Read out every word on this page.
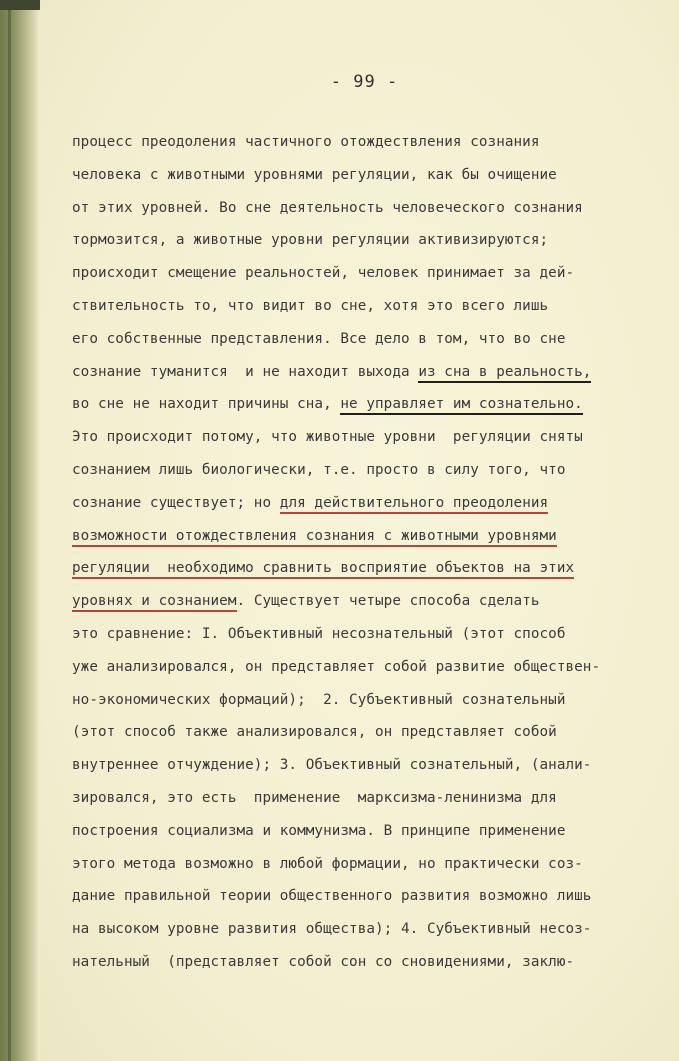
- 99 -
процесс преодоления частичного отождествления сознания
человека с животными уровнями регуляции, как бы очищение
от этих уровней. Во сне деятельность человеческого сознания
тормозится, а животные уровни регуляции активизируются;
происходит смещение реальностей, человек принимает за дей-
ствительность то, что видит во сне, хотя это всего лишь
его собственные представления. Все дело в том, что во сне
сознание туманится  и не находит выхода из сна в реальность,
во сне не находит причины сна, не управляет им сознательно.
Это происходит потому, что животные уровни  регуляции сняты
сознанием лишь биологически, т.е. просто в силу того, что
сознание существует; но для действительного преодоления
возможности отождествления сознания с животными уровнями
регуляции  необходимо сравнить восприятие объектов на этих
уровнях и сознанием. Существует четыре способа сделать
это сравнение: I. Объективный несознательный (этот способ
уже анализировался, он представляет собой развитие обществен-
но-экономических формаций);  2. Субъективный сознательный
(этот способ также анализировался, он представляет собой
внутреннее отчуждение); 3. Объективный сознательный, (анали-
зировался, это есть  применение  марксизма-ленинизма для
построения социализма и коммунизма. В принципе применение
этого метода возможно в любой формации, но практически соз-
дание правильной теории общественного развития возможно лишь
на высоком уровне развития общества); 4. Субъективный несоз-
нательный  (представляет собой сон со сновидениями, заклю-
